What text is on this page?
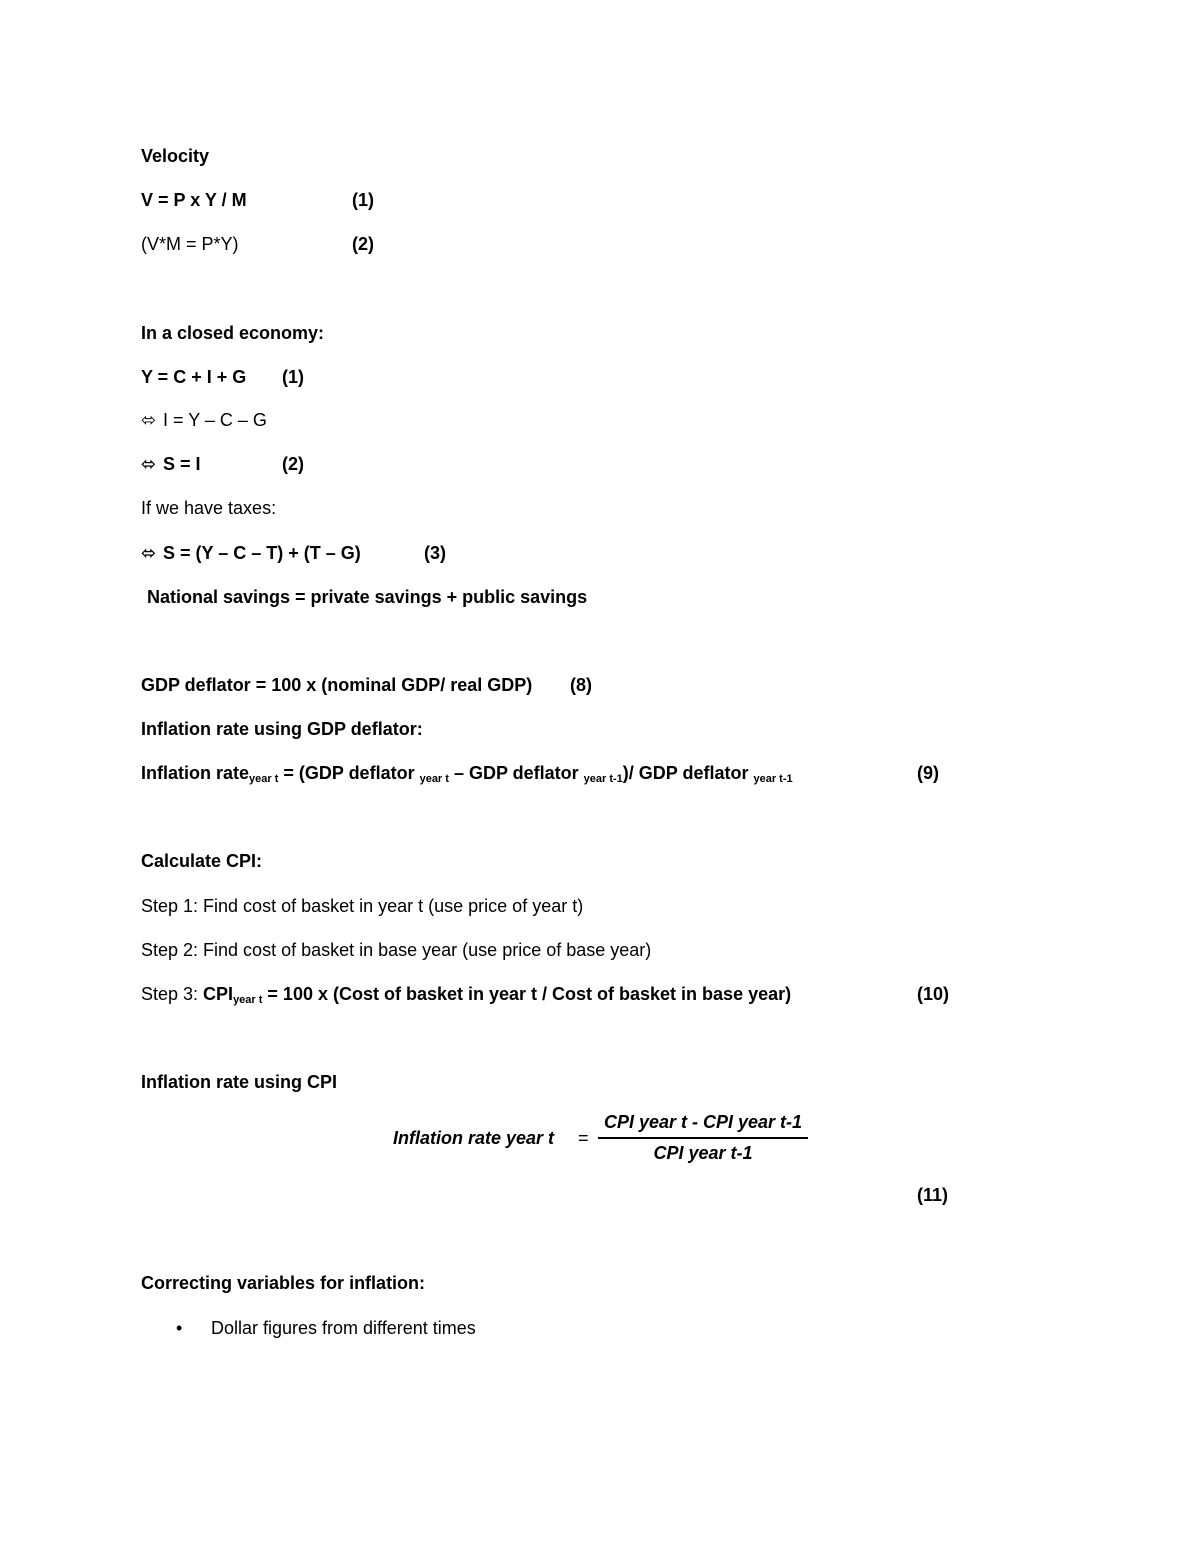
Velocity
V = P x Y / M	(1)
(V*M = P*Y)	(2)
In a closed economy:
Y = C + I + G (1)
⬄ I = Y – C – G
⬄ S = I	(2)
If we have taxes:
⬄ S = (Y – C – T) + (T – G)	(3)
National savings = private savings + public savings
GDP deflator = 100 x (nominal GDP/ real GDP) (8)
Inflation rate using GDP deflator:
Inflation rate$_{year t}$ = (GDP deflator $_{year t}$ – GDP deflator $_{year t-1}$)/ GDP deflator $_{year t-1}$	(9)
Calculate CPI:
Step 1: Find cost of basket in year t (use price of year t)
Step 2: Find cost of basket in base year (use price of base year)
Step 3: $CPI_{year t} = 100$ x (Cost of basket in year t / Cost of basket in base year)	(10)
Inflation rate using CPI
Inflation rate year t =
CPI year t - CPI year t-1
CPI year t-1
(11)
Correcting variables for inflation:
• Dollar figures from different times
